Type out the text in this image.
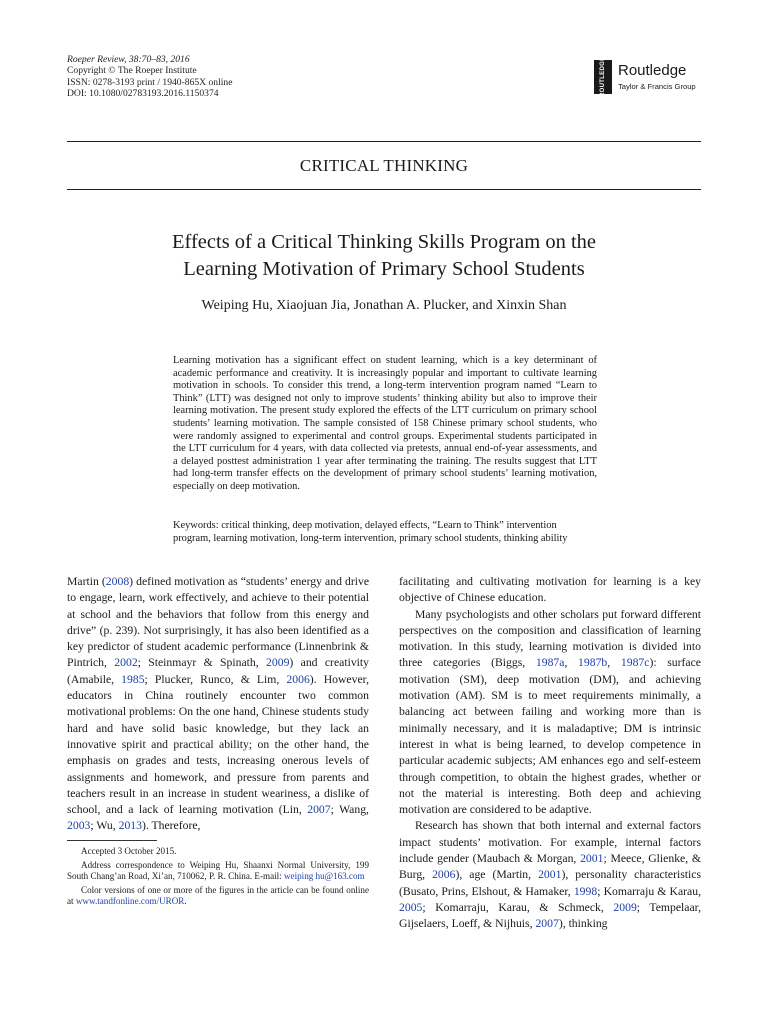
Roeper Review, 38:70–83, 2016
Copyright © The Roeper Institute
ISSN: 0278-3193 print / 1940-865X online
DOI: 10.1080/02783193.2016.1150374	ROUTLEDGE Routledge
Taylor & Francis Group
CRITICAL THINKING
Effects of a Critical Thinking Skills Program on the
Learning Motivation of Primary School Students
Weiping Hu, Xiaojuan Jia, Jonathan A. Plucker, and Xinxin Shan

Learning motivation has a significant effect on student learning, which is a key determinant of academic performance and creativity. It is increasingly popular and important to cultivate learning motivation in schools. To consider this trend, a long-term intervention program named “Learn to Think” (LTT) was designed not only to improve students’ thinking ability but also to improve their learning motivation. The present study explored the effects of the LTT curriculum on primary school students’ learning motivation. The sample consisted of 158 Chinese primary school students, who were randomly assigned to experimental and control groups. Experimental students participated in the LTT curriculum for 4 years, with data collected via pretests, annual end-of-year assessments, and a delayed posttest administration 1 year after terminating the training. The results suggest that LTT had long-term transfer effects on the development of primary school students’ learning motivation, especially on deep motivation.

Keywords: critical thinking, deep motivation, delayed effects, “Learn to Think” intervention program, learning motivation, long-term intervention, primary school students, thinking ability

Martin (2008) defined motivation as “students’ energy and drive to engage, learn, work effectively, and achieve to their potential at school and the behaviors that follow from this energy and drive” (p. 239). Not surprisingly, it has also been identified as a key predictor of student academic performance (Linnenbrink & Pintrich, 2002; Steinmayr & Spinath, 2009) and creativity (Amabile, 1985; Plucker, Runco, & Lim, 2006). However, educators in China routinely encounter two common motivational problems: On the one hand, Chinese students study hard and have solid basic knowledge, but they lack an innovative spirit and practical ability; on the other hand, the emphasis on grades and tests, increasing onerous levels of assignments and homework, and pressure from parents and teachers result in an increase in student weariness, a dislike of school, and a lack of learning motivation (Lin, 2007; Wang, 2003; Wu, 2013). Therefore,

Accepted 3 October 2015.

Address correspondence to Weiping Hu, Shaanxi Normal University, 199 South Chang’an Road, Xi’an, 710062, P. R. China. E-mail: weiping hu@163.com

Color versions of one or more of the figures in the article can be found online at www.tandfonline.com/UROR.

facilitating and cultivating motivation for learning is a key objective of Chinese education.

Many psychologists and other scholars put forward different perspectives on the composition and classification of learning motivation. In this study, learning motivation is divided into three categories (Biggs, 1987a, 1987b, 1987c): surface motivation (SM), deep motivation (DM), and achieving motivation (AM). SM is to meet requirements minimally, a balancing act between failing and working more than is minimally necessary, and it is maladaptive; DM is intrinsic interest in what is being learned, to develop competence in particular academic subjects; AM enhances ego and self-esteem through competition, to obtain the highest grades, whether or not the material is interesting. Both deep and achieving motivation are considered to be adaptive.

Research has shown that both internal and external factors impact students’ motivation. For example, internal factors include gender (Maubach & Morgan, 2001; Meece, Glienke, & Burg, 2006), age (Martin, 2001), personality characteristics (Busato, Prins, Elshout, & Hamaker, 1998; Komarraju & Karau, 2005; Komarraju, Karau, & Schmeck, 2009; Tempelaar, Gijselaers, Loeff, & Nijhuis, 2007), thinking
